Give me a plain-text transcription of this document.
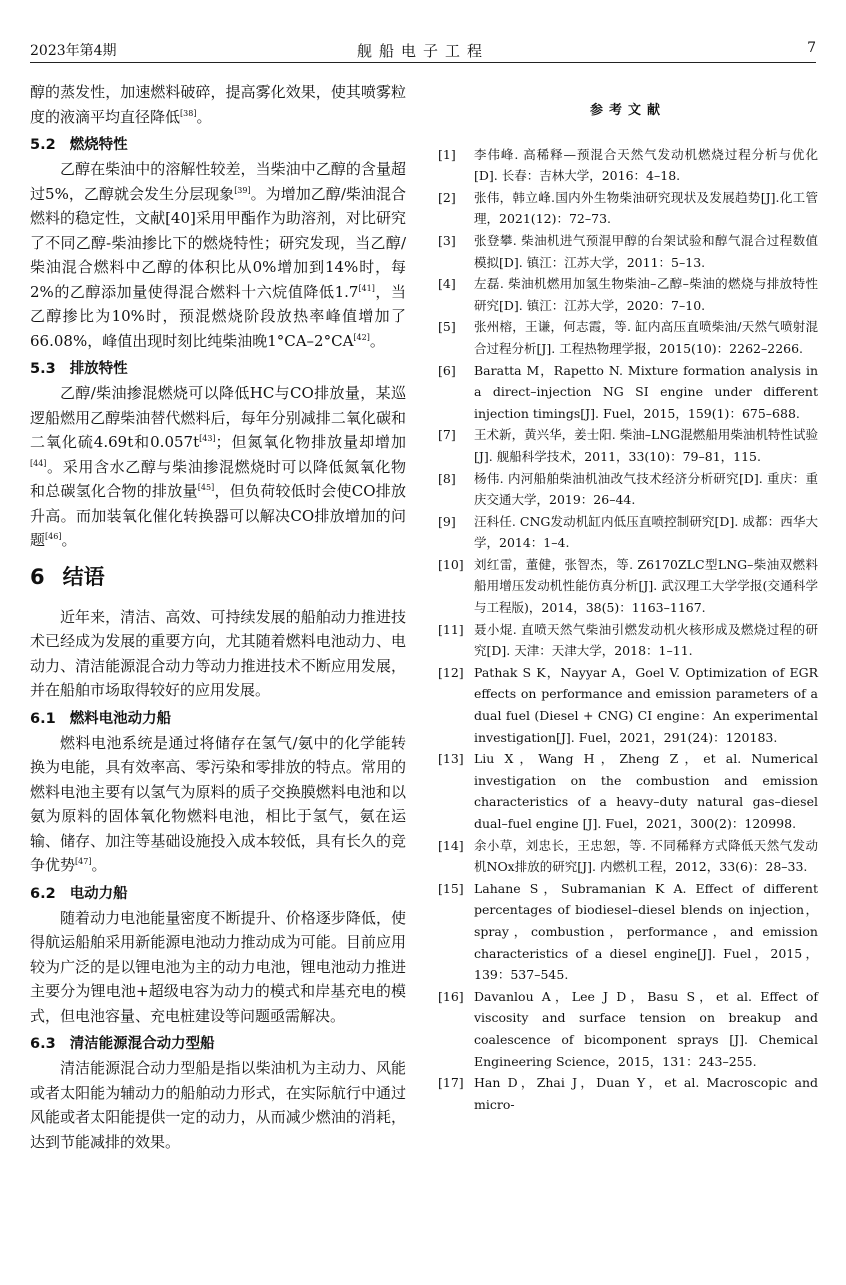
2023年第4期	舰船电子工程	7

醇的蒸发性，加速燃料破碎，提高雾化效果，使其喷雾粒度的液滴平均直径降低[38]。

5.2 燃烧特性

乙醇在柴油中的溶解性较差，当柴油中乙醇的含量超过5%，乙醇就会发生分层现象[39]。为增加乙醇/柴油混合燃料的稳定性，文献[40]采用甲酯作为助溶剂，对比研究了不同乙醇-柴油掺比下的燃烧特性；研究发现，当乙醇/柴油混合燃料中乙醇的体积比从0%增加到14%时，每2%的乙醇添加量使得混合燃料十六烷值降低1.7[41]，当乙醇掺比为10%时，预混燃烧阶段放热率峰值增加了66.08%，峰值出现时刻比纯柴油晚1°CA–2°CA[42]。

5.3 排放特性

乙醇/柴油掺混燃烧可以降低HC与CO排放量，某巡逻船燃用乙醇柴油替代燃料后，每年分别减排二氧化碳和二氧化硫4.69t和0.057t[43]；但氮氧化物排放量却增加[44]。采用含水乙醇与柴油掺混燃烧时可以降低氮氧化物和总碳氢化合物的排放量[45]，但负荷较低时会使CO排放升高。而加装氧化催化转换器可以解决CO排放增加的问题[46]。

6 结语

近年来，清洁、高效、可持续发展的船舶动力推进技术已经成为发展的重要方向，尤其随着燃料电池动力、电动力、清洁能源混合动力等动力推进技术不断应用发展，并在船舶市场取得较好的应用发展。

6.1 燃料电池动力船

燃料电池系统是通过将储存在氢气/氨中的化学能转换为电能，具有效率高、零污染和零排放的特点。常用的燃料电池主要有以氢气为原料的质子交换膜燃料电池和以氨为原料的固体氧化物燃料电池，相比于氢气，氨在运输、储存、加注等基础设施投入成本较低，具有长久的竞争优势[47]。

6.2 电动力船

随着动力电池能量密度不断提升、价格逐步降低，使得航运船舶采用新能源电池动力推动成为可能。目前应用较为广泛的是以锂电池为主的动力电池，锂电池动力推进主要分为锂电池+超级电容为动力的模式和岸基充电的模式，但电池容量、充电桩建设等问题亟需解决。

6.3 清洁能源混合动力型船

清洁能源混合动力型船是指以柴油机为主动力、风能或者太阳能为辅动力的船舶动力形式，在实际航行中通过风能或者太阳能提供一定的动力，从而减少燃油的消耗，达到节能减排的效果。

参考文献
[1]	李伟峰. 高稀释—预混合天然气发动机燃烧过程分析与优化[D]. 长春：吉林大学，2016：4–18.
[2]	张伟，韩立峰.国内外生物柴油研究现状及发展趋势[J].化工管理，2021(12)：72–73.
[3]	张登攀. 柴油机进气预混甲醇的台架试验和醇气混合过程数值模拟[D]. 镇江：江苏大学，2011：5–13.
[4]	左磊. 柴油机燃用加氢生物柴油–乙醇–柴油的燃烧与排放特性研究[D]. 镇江：江苏大学，2020：7–10.
[5]	张州榕，王谦，何志霞，等. 缸内高压直喷柴油/天然气喷射混合过程分析[J]. 工程热物理学报，2015(10)：2262–2266.
[6]	Baratta M，Rapetto N. Mixture formation analysis in a direct–injection NG SI engine under different injection timings[J]. Fuel，2015，159(1)：675–688.
[7]	王术新，黄兴华，姜士阳. 柴油–LNG混燃船用柴油机特性试验[J]. 舰船科学技术，2011，33(10)：79–81，115.
[8]	杨伟. 内河船舶柴油机油改气技术经济分析研究[D]. 重庆：重庆交通大学，2019：26–44.
[9]	汪科任. CNG发动机缸内低压直喷控制研究[D]. 成都：西华大学，2014：1–4.
[10] 刘红雷，董健，张智杰，等. Z6170ZLC型LNG–柴油双燃料船用增压发动机性能仿真分析[J]. 武汉理工大学学报(交通科学与工程版)，2014，38(5)：1163–1167.
[11] 聂小焜. 直喷天然气柴油引燃发动机火核形成及燃烧过程的研究[D]. 天津：天津大学，2018：1–11.
[12] Pathak S K，Nayyar A，Goel V. Optimization of EGR effects on performance and emission parameters of a dual fuel (Diesel + CNG) CI engine：An experimental investigation[J]. Fuel，2021，291(24)：120183.
[13] Liu X，Wang H，Zheng Z，et al. Numerical investigation on the combustion and emission characteristics of a heavy–duty natural gas–diesel dual–fuel engine [J]. Fuel，2021，300(2)：120998.
[14] 余小草，刘忠长，王忠恕，等. 不同稀释方式降低天然气发动机NOx排放的研究[J]. 内燃机工程，2012，33(6)：28–33.
[15] Lahane S，Subramanian K A. Effect of different percentages of biodiesel–diesel blends on injection，spray，combustion，performance，and emission characteristics of a diesel engine[J]. Fuel，2015，139：537–545.
[16] Davanlou A，Lee J D，Basu S，et al. Effect of viscosity and surface tension on breakup and coalescence of bicomponent sprays [J]. Chemical Engineering Science，2015，131：243–255.
[17] Han D，Zhai J，Duan Y，et al. Macroscopic and micro-
